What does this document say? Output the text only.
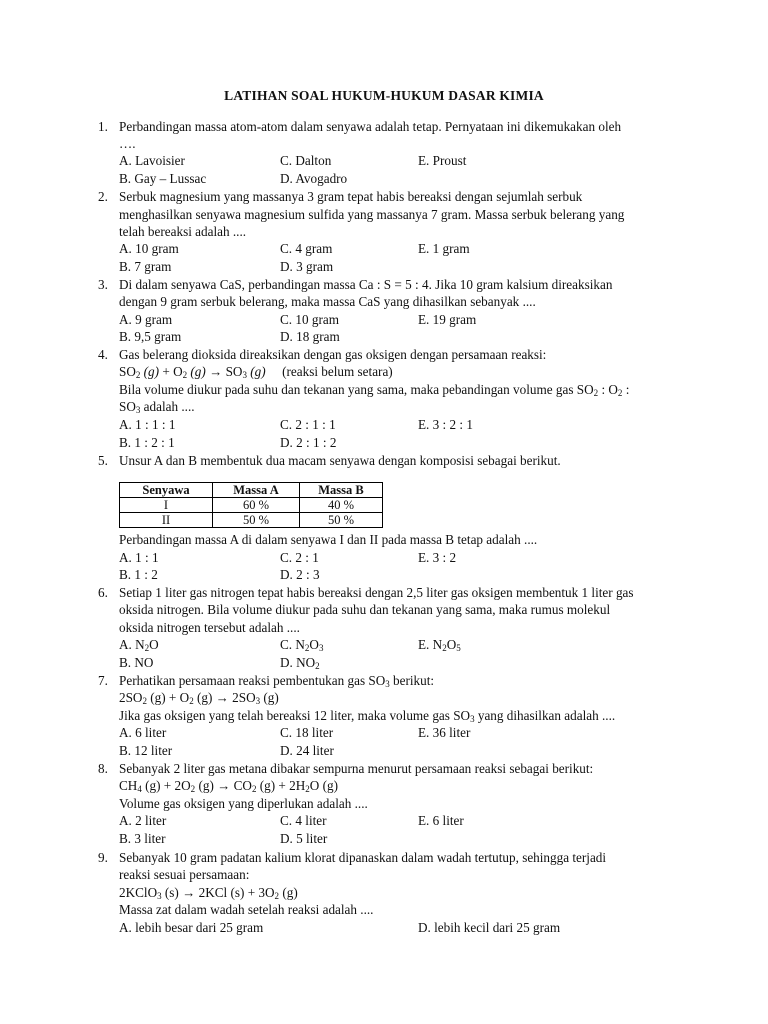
LATIHAN SOAL HUKUM-HUKUM DASAR KIMIA
1. Perbandingan massa atom-atom dalam senyawa adalah tetap. Pernyataan ini dikemukakan oleh
….
A. Lavoisier	C. Dalton	E. Proust
B. Gay – Lussac	D. Avogadro
2. Serbuk magnesium yang massanya 3 gram tepat habis bereaksi dengan sejumlah serbuk
menghasilkan senyawa magnesium sulfida yang massanya 7 gram. Massa serbuk belerang yang
telah bereaksi adalah ....
A. 10 gram	C. 4 gram	E. 1 gram
B. 7 gram	D. 3 gram
3. Di dalam senyawa CaS, perbandingan massa Ca : S = 5 : 4. Jika 10 gram kalsium direaksikan
dengan 9 gram serbuk belerang, maka massa CaS yang dihasilkan sebanyak ....
A. 9 gram	C. 10 gram	E. 19 gram
B. 9,5 gram	D. 18 gram
4. Gas belerang dioksida direaksikan dengan gas oksigen dengan persamaan reaksi:
$SO_2$ $(g) + O_2$ $(g) \to SO_3$ (g) (reaksi belum setara)
Bila volume diukur pada suhu dan tekanan yang sama, maka pebandingan volume gas $SO_2$ : $O_2$ :
$SO_3$ adalah ....
A. 1 : 1 : 1	C. 2 : 1 : 1	E. 3 : 2 : 1
B. 1 : 2 : 1	D. 2 : 1 : 2
5. Unsur A dan B membentuk dua macam senyawa dengan komposisi sebagai berikut.
Senyawa	Massa A	Massa B
I	60 %	40 %
II	50 %	50 %
Perbandingan massa A di dalam senyawa I dan II pada massa B tetap adalah ....
A. 1 : 1	C. 2 : 1	E. 3 : 2
B. 1 : 2	D. 2 : 3
6. Setiap 1 liter gas nitrogen tepat habis bereaksi dengan 2,5 liter gas oksigen membentuk 1 liter gas
oksida nitrogen. Bila volume diukur pada suhu dan tekanan yang sama, maka rumus molekul
oksida nitrogen tersebut adalah ....
A. $N_2O$	C. $N_2O_3$	E. $N_2O_5$
B. NO	D. $NO_2$
7. Perhatikan persamaan reaksi pembentukan gas $SO_3$ berikut:
$2SO_2$ $(g) + O_2$ $(g) \to 2SO_3$ (g)
Jika gas oksigen yang telah bereaksi 12 liter, maka volume gas $SO_3$ yang dihasilkan adalah ....
A. 6 liter	C. 18 liter	E. 36 liter
B. 12 liter	D. 24 liter
8. Sebanyak 2 liter gas metana dibakar sempurna menurut persamaan reaksi sebagai berikut:
$CH_4$ $(g) + 2O_2$ $(g) \to CO_2$ $(g) + 2H_2O$ (g)
Volume gas oksigen yang diperlukan adalah ....
A. 2 liter	C. 4 liter	E. 6 liter
B. 3 liter	D. 5 liter
9. Sebanyak 10 gram padatan kalium klorat dipanaskan dalam wadah tertutup, sehingga terjadi
reaksi sesuai persamaan:
2KClO$_3$ (s) → 2KCl $(s) + 3O_2$ (g)
Massa zat dalam wadah setelah reaksi adalah ....
A. lebih besar dari 25 gram	D. lebih kecil dari 25 gram
